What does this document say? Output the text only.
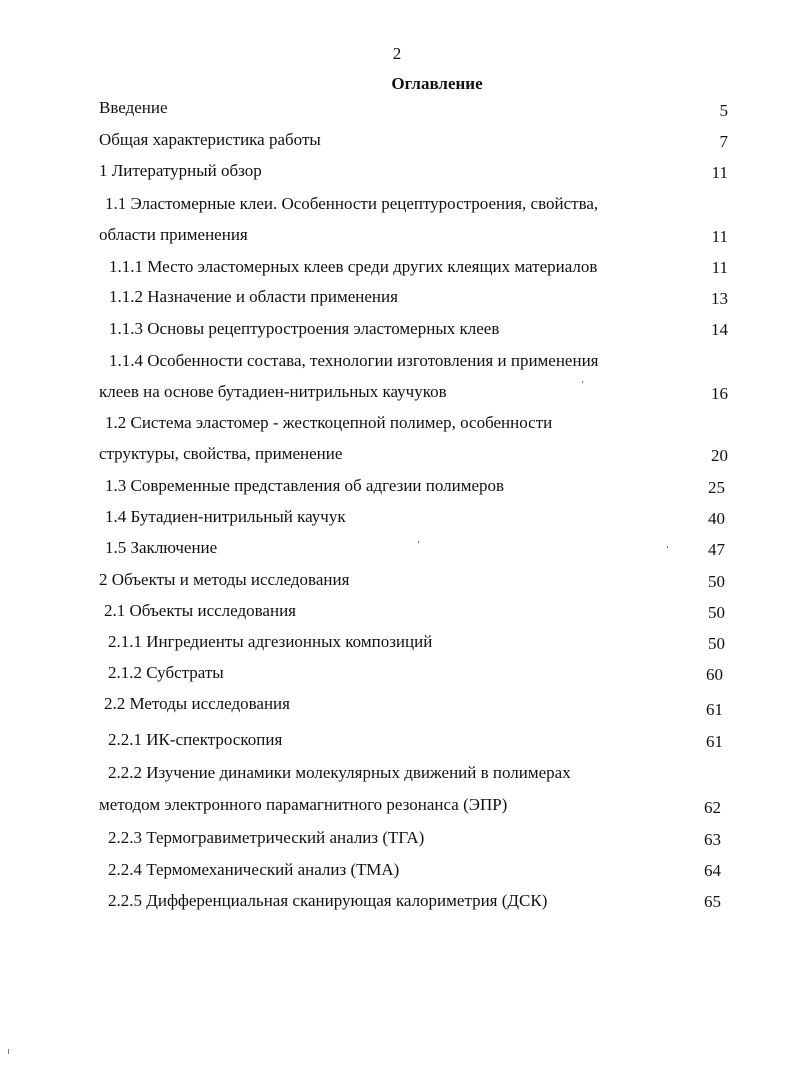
2
Оглавление
Введение	5
Общая характеристика работы	7
1 Литературный обзор	11
1.1 Эластомерные клеи. Особенности рецептуростроения, свойства,
области применения	11
1.1.1 Место эластомерных клеев среди других клеящих материалов	11
1.1.2 Назначение и области применения	13
1.1.3 Основы рецептуростроения эластомерных клеев	14
1.1.4 Особенности состава, технологии изготовления и применения
клеев на основе бутадиен-нитрильных каучуков	16
1.2 Система эластомер - жесткоцепной полимер, особенности
структуры, свойства, применение	20
1.3 Современные представления об адгезии полимеров	25
1.4 Бутадиен-нитрильный каучук	40
1.5 Заключение	47
2 Объекты и методы исследования	50
2.1 Объекты исследования	50
2.1.1 Ингредиенты адгезионных композиций	50
2.1.2 Субстраты	60
2.2 Методы исследования	61
2.2.1 ИК-спектроскопия	61
2.2.2 Изучение динамики молекулярных движений в полимерах
методом электронного парамагнитного резонанса (ЭПР)	62
2.2.3 Термогравиметрический анализ (ТГА)	63
2.2.4 Термомеханический анализ (ТМА)	64
2.2.5 Дифференциальная сканирующая калориметрия (ДСК)	65
